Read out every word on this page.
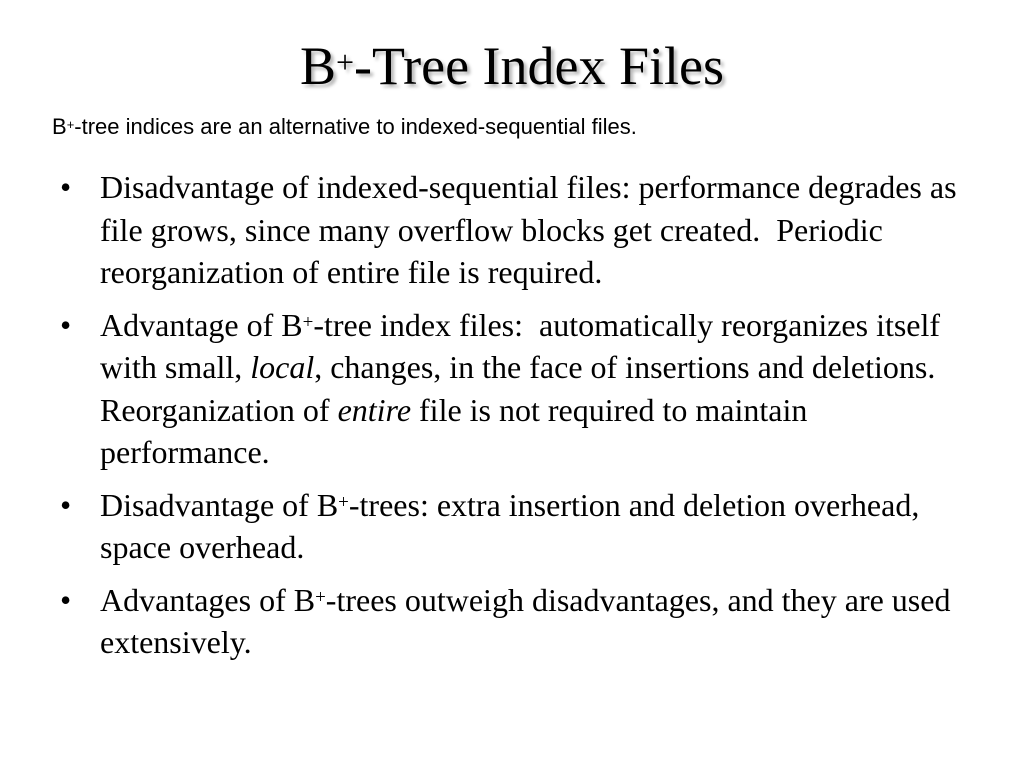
B+-Tree Index Files
B+-tree indices are an alternative to indexed-sequential files.
• Disadvantage of indexed-sequential files: performance degrades as file grows, since many overflow blocks get created.  Periodic reorganization of entire file is required.
• Advantage of B+-tree index files:  automatically reorganizes itself with small, local, changes, in the face of insertions and deletions.  Reorganization of entire file is not required to maintain performance.
• Disadvantage of B+-trees: extra insertion and deletion overhead, space overhead.
• Advantages of B+-trees outweigh disadvantages, and they are used extensively.
